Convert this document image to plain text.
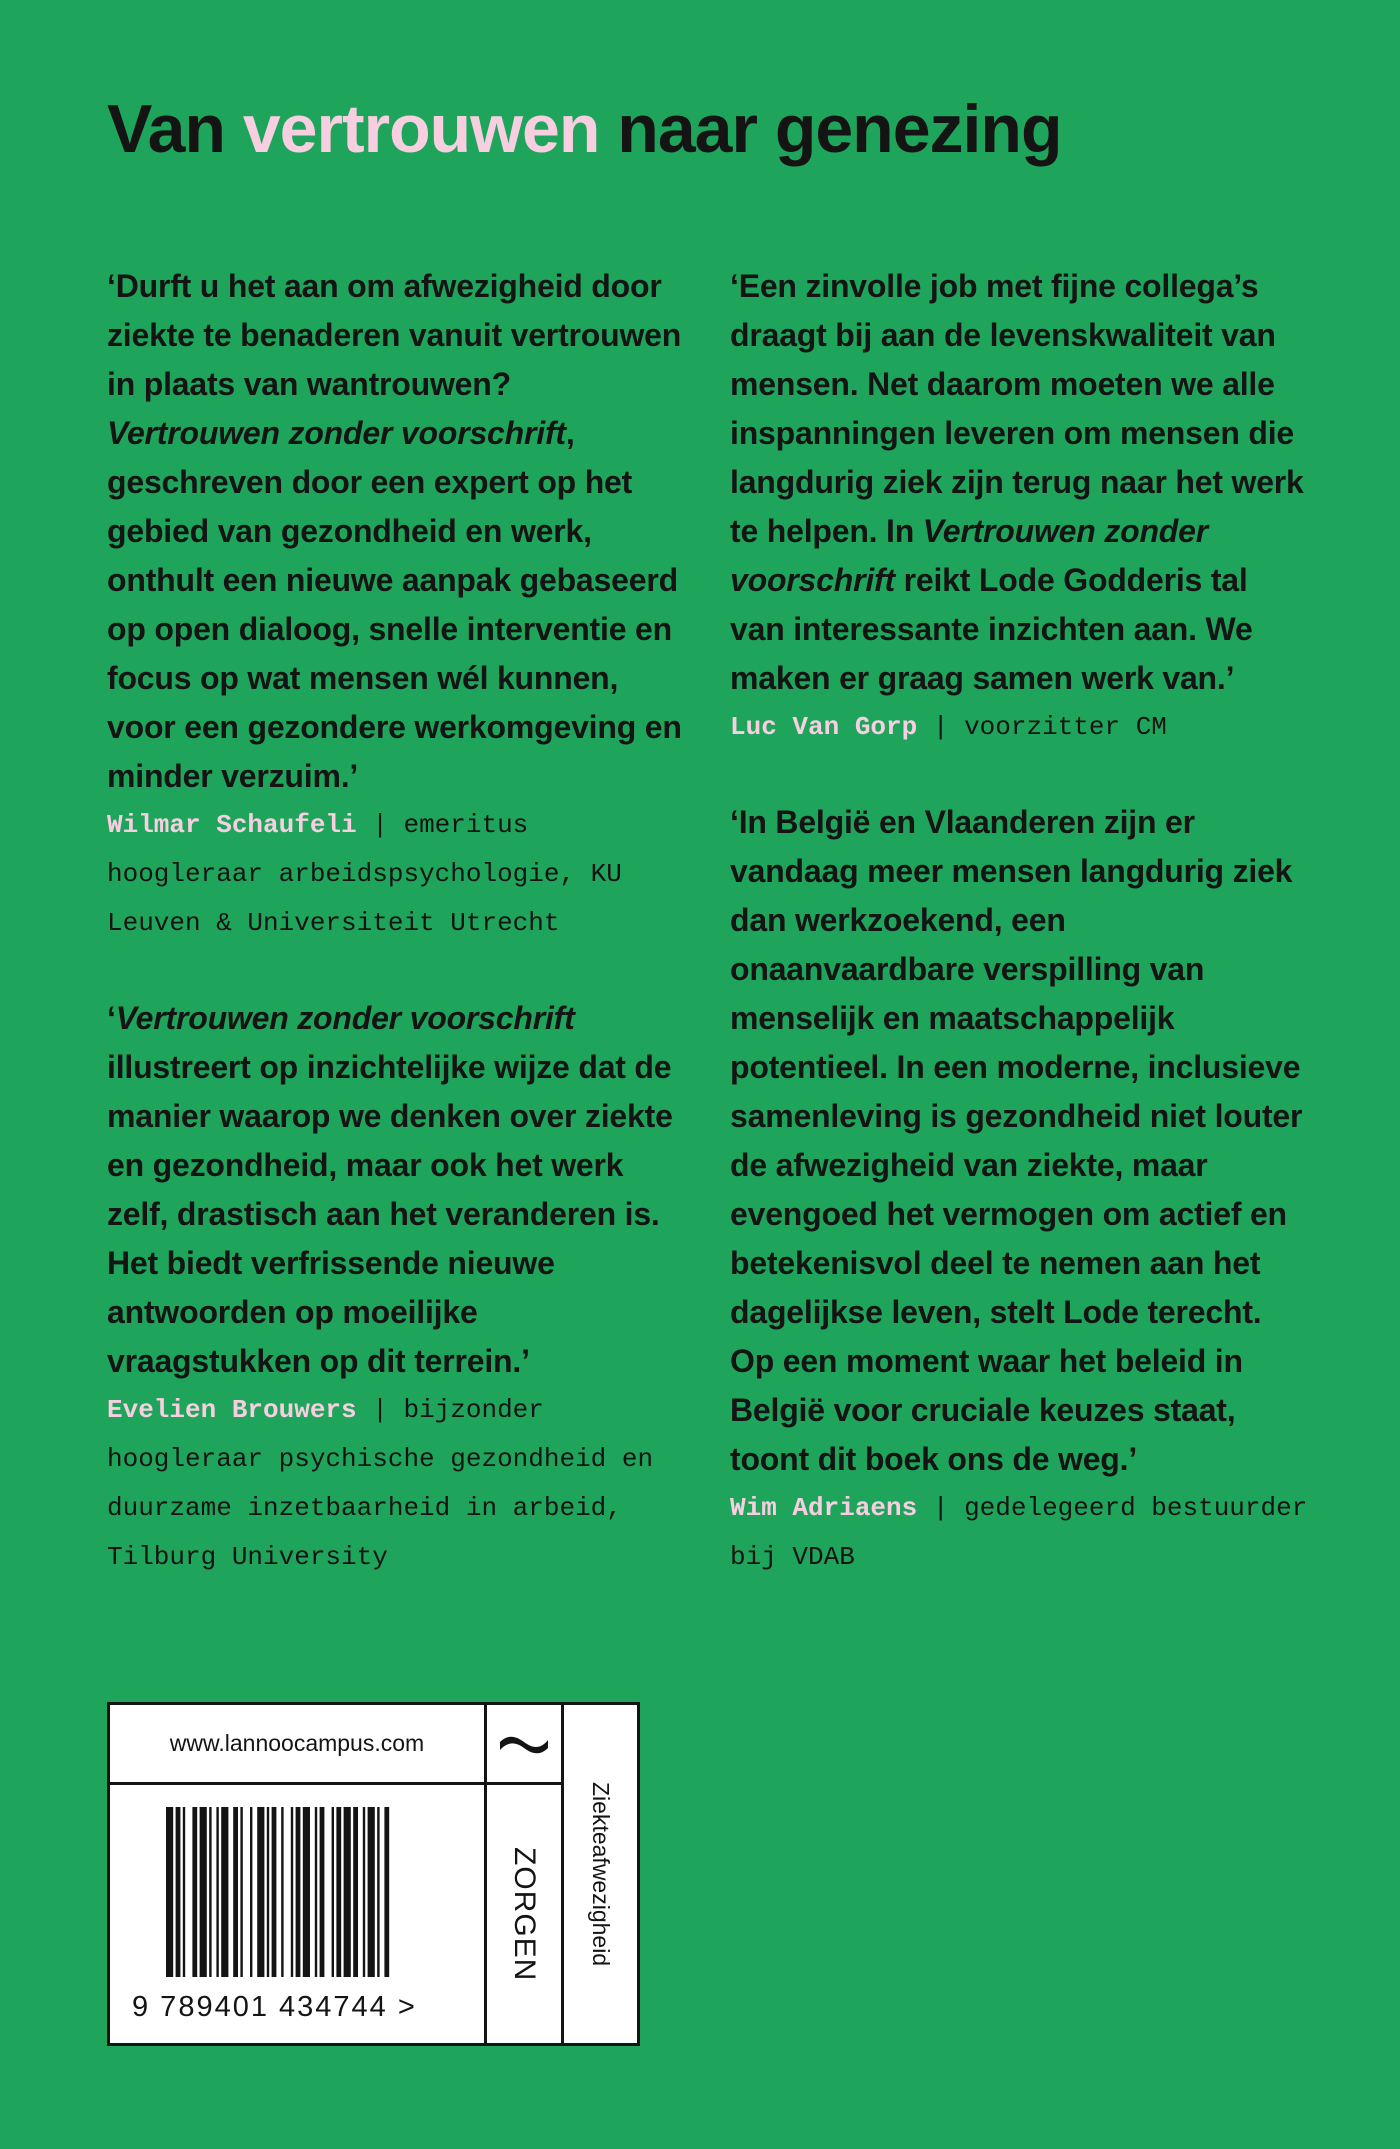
Van vertrouwen naar genezing

‘Durft u het aan om afwezigheid door ziekte te benaderen vanuit vertrouwen in plaats van wantrouwen? Vertrouwen zonder voorschrift, geschreven door een expert op het gebied van gezondheid en werk, onthult een nieuwe aanpak gebaseerd op open dialoog, snelle interventie en focus op wat mensen wél kunnen, voor een gezondere werkomgeving en minder verzuim.’

Wilmar Schaufeli | emeritus hoogleraar arbeidspsychologie, KU Leuven & Universiteit Utrecht

‘Vertrouwen zonder voorschrift illustreert op inzichtelijke wijze dat de manier waarop we denken over ziekte en gezondheid, maar ook het werk zelf, drastisch aan het veranderen is. Het biedt verfrissende nieuwe antwoorden op moeilijke vraagstukken op dit terrein.’

Evelien Brouwers | bijzonder hoogleraar psychische gezondheid en duurzame inzetbaarheid in arbeid, Tilburg University

‘Een zinvolle job met fijne collega’s draagt bij aan de levenskwaliteit van mensen. Net daarom moeten we alle inspanningen leveren om mensen die langdurig ziek zijn terug naar het werk te helpen. In Vertrouwen zonder voorschrift reikt Lode Godderis tal van interessante inzichten aan. We maken er graag samen werk van.’

Luc Van Gorp | voorzitter CM

‘In België en Vlaanderen zijn er vandaag meer mensen langdurig ziek dan werkzoekend, een onaanvaardbare verspilling van menselijk en maatschappelijk potentieel. In een moderne, inclusieve samenleving is gezondheid niet louter de afwezigheid van ziekte, maar evengoed het vermogen om actief en betekenisvol deel te nemen aan het dagelijkse leven, stelt Lode terecht. Op een moment waar het beleid in België voor cruciale keuzes staat, toont dit boek ons de weg.’

Wim Adriaens | gedelegeerd bestuurder bij VDAB

www.lannoocampus.com
9 789401 434744 >
ZORGEN Ziekteafwezigheid
